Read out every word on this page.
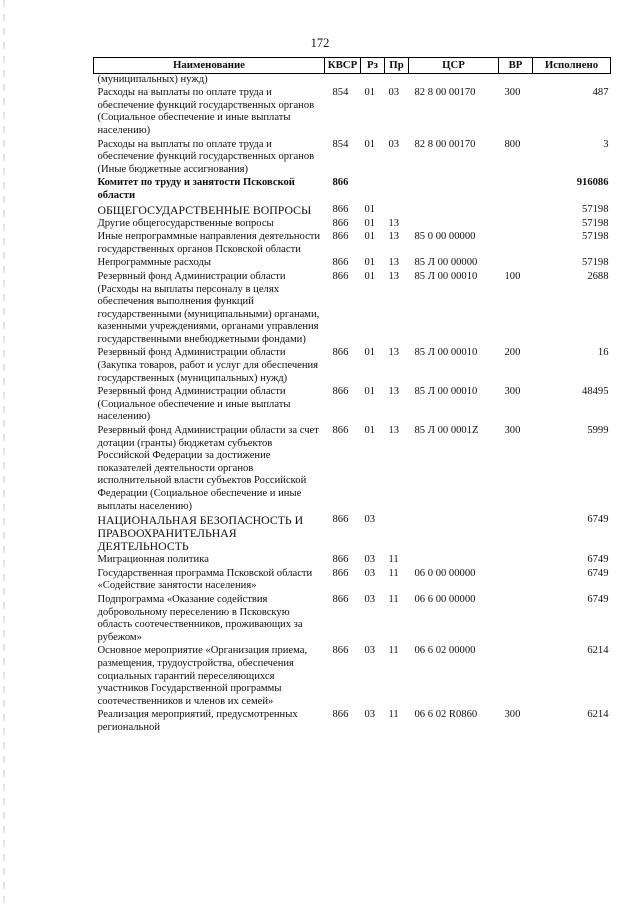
172
Наименование	КВСР	Рз	Пр	ЦСР	ВР	Исполнено
(муниципальных) нужд)						
Расходы на выплаты по оплате труда и обеспечение функций государственных органов (Социальное обеспечение и иные выплаты населению)	854	01	03	82 8 00 00170	300	487
Расходы на выплаты по оплате труда и обеспечение функций государственных органов (Иные бюджетные ассигнования)	854	01	03	82 8 00 00170	800	3
Комитет по труду и занятости Псковской области	866					916086
ОБЩЕГОСУДАРСТВЕННЫЕ ВОПРОСЫ	866	01				57198
Другие общегосударственные вопросы	866	01	13			57198
Иные непрограммные направления деятельности государственных органов Псковской области	866	01	13	85 0 00 00000		57198
Непрограммные расходы	866	01	13	85 Л 00 00000		57198
Резервный фонд Администрации области (Расходы на выплаты персоналу в целях обеспечения выполнения функций государственными (муниципальными) органами, казенными учреждениями, органами управления государственными внебюджетными фондами)	866	01	13	85 Л 00 00010	100	2688
Резервный фонд Администрации области (Закупка товаров, работ и услуг для обеспечения государственных (муниципальных) нужд)	866	01	13	85 Л 00 00010	200	16
Резервный фонд Администрации области (Социальное обеспечение и иные выплаты населению)	866	01	13	85 Л 00 00010	300	48495
Резервный фонд Администрации области за счет дотации (гранты) бюджетам субъектов Российской Федерации за достижение показателей деятельности органов исполнительной власти субъектов Российской Федерации (Социальное обеспечение и иные выплаты населению)	866	01	13	85 Л 00 0001Z	300	5999
НАЦИОНАЛЬНАЯ БЕЗОПАСНОСТЬ И ПРАВООХРАНИТЕЛЬНАЯ ДЕЯТЕЛЬНОСТЬ	866	03				6749
Миграционная политика	866	03	11			6749
Государственная программа Псковской области «Содействие занятости населения»	866	03	11	06 0 00 00000		6749
Подпрограмма «Оказание содействия добровольному переселению в Псковскую область соотечественников, проживающих за рубежом»	866	03	11	06 6 00 00000		6749
Основное мероприятие «Организация приема, размещения, трудоустройства, обеспечения социальных гарантий переселяющихся участников Государственной программы соотечественников и членов их семей»	866	03	11	06 6 02 00000		6214
Реализация мероприятий, предусмотренных региональной	866	03	11	06 6 02 R0860	300	6214
